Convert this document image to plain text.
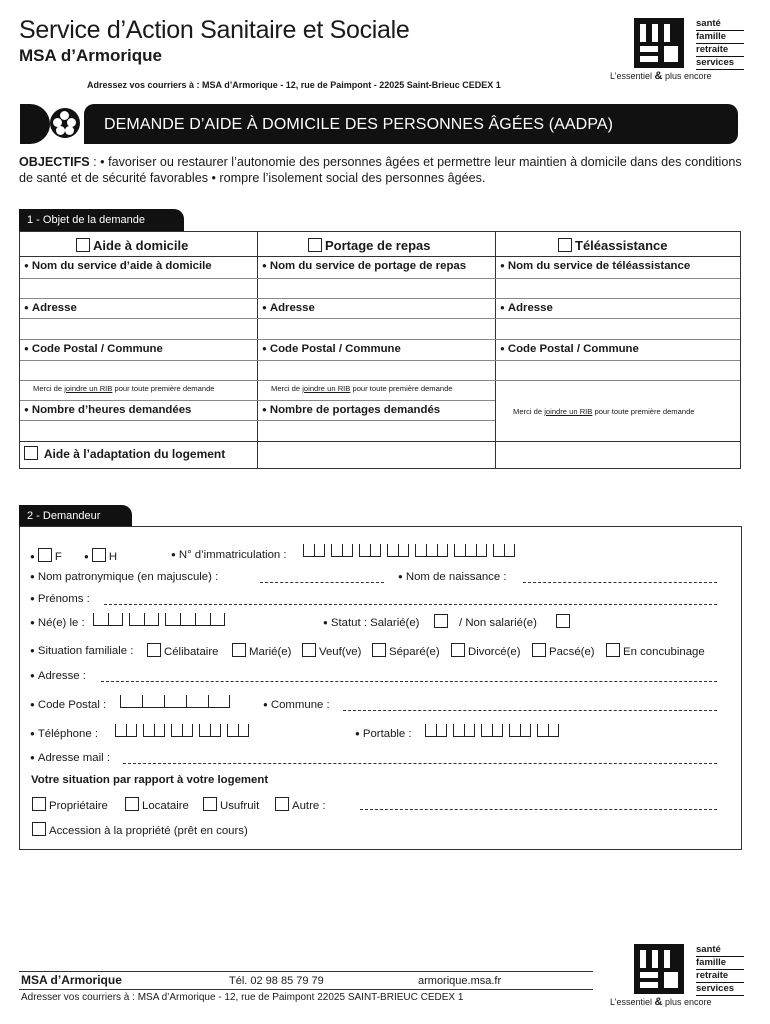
Service d’Action Sanitaire et Sociale
MSA d’Armorique
Adressez vos courriers à : MSA d’Armorique - 12, rue de Paimpont - 22025 Saint-Brieuc CEDEX 1
santé
famille
retraite
services
L’essentiel & plus encore
DEMANDE D’AIDE À DOMICILE DES PERSONNES ÂGÉES (AADPA)
OBJECTIFS : • favoriser ou restaurer l’autonomie des personnes âgées et permettre leur maintien à domicile dans des conditions de santé et de sécurité favorables • rompre l’isolement social des personnes âgées.
1 - Objet de la demande
Aide à domicile	Portage de repas	Téléassistance
● Nom du service d’aide à domicile	● Nom du service de portage de repas	● Nom du service de téléassistance
● Adresse	● Adresse	● Adresse
● Code Postal / Commune	● Code Postal / Commune	● Code Postal / Commune
Merci de joindre un RIB pour toute première demande	Merci de joindre un RIB pour toute première demande
Merci de joindre un RIB pour toute première demande
● Nombre d’heures demandées	● Nombre de portages demandés
Aide à l’adaptation du logement
2 - Demandeur
● F	● H	● N° d’immatriculation :
● Nom patronymique (en majuscule) :	● Nom de naissance :
● Prénoms :
● Né(e) le :	● Statut : Salarié(e)	/ Non salarié(e)
● Situation familiale :	Célibataire	Marié(e)	Veuf(ve)	Séparé(e)	Divorcé(e)	Pacsé(e)	En concubinage
● Adresse :
● Code Postal :	● Commune :
● Téléphone :	● Portable :
● Adresse mail :
Votre situation par rapport à votre logement
Propriétaire	Locataire	Usufruit	Autre :
Accession à la propriété (prêt en cours)
MSA d’Armorique	Tél. 02 98 85 79 79	armorique.msa.fr
Adresser vos courriers à : MSA d’Armorique - 12, rue de Paimpont 22025 SAINT-BRIEUC CEDEX 1
santé
famille
retraite
services
L’essentiel & plus encore
